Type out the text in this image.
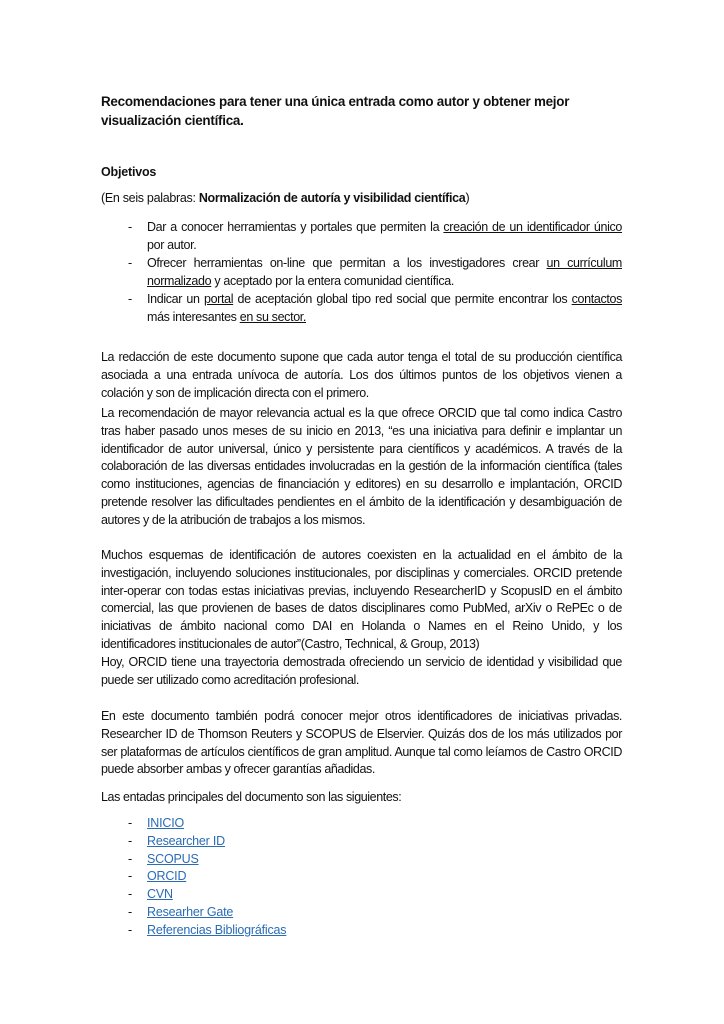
Recomendaciones para tener una única entrada como autor y obtener mejor visualización científica.
Objetivos
(En seis palabras: Normalización de autoría y visibilidad científica)
- Dar a conocer herramientas y portales que permiten la creación de un identificador único por autor.
- Ofrecer herramientas on-line que permitan a los investigadores crear un currículum normalizado y aceptado por la entera comunidad científica.
- Indicar un portal de aceptación global tipo red social que permite encontrar los contactos más interesantes en su sector.

La redacción de este documento supone que cada autor tenga el total de su producción científica asociada a una entrada unívoca de autoría. Los dos últimos puntos de los objetivos vienen a colación y son de implicación directa con el primero.

La recomendación de mayor relevancia actual es la que ofrece ORCID que tal como indica Castro tras haber pasado unos meses de su inicio en 2013, “es una iniciativa para definir e implantar un identificador de autor universal, único y persistente para científicos y académicos. A través de la colaboración de las diversas entidades involucradas en la gestión de la información científica (tales como instituciones, agencias de financiación y editores) en su desarrollo e implantación, ORCID pretende resolver las dificultades pendientes en el ámbito de la identificación y desambiguación de autores y de la atribución de trabajos a los mismos.

Muchos esquemas de identificación de autores coexisten en la actualidad en el ámbito de la investigación, incluyendo soluciones institucionales, por disciplinas y comerciales. ORCID pretende inter-operar con todas estas iniciativas previas, incluyendo ResearcherID y ScopusID en el ámbito comercial, las que provienen de bases de datos disciplinares como PubMed, arXiv o RePEc o de iniciativas de ámbito nacional como DAI en Holanda o Names en el Reino Unido, y los identificadores institucionales de autor”(Castro, Technical, & Group, 2013)

Hoy, ORCID tiene una trayectoria demostrada ofreciendo un servicio de identidad y visibilidad que puede ser utilizado como acreditación profesional.

En este documento también podrá conocer mejor otros identificadores de iniciativas privadas. Researcher ID de Thomson Reuters y SCOPUS de Elservier. Quizás dos de los más utilizados por ser plataformas de artículos científicos de gran amplitud. Aunque tal como leíamos de Castro ORCID puede absorber ambas y ofrecer garantías añadidas.

Las entadas principales del documento son las siguientes:

- INICIO
- Researcher ID
- SCOPUS
- ORCID
- CVN
- Researher Gate
- Referencias Bibliográficas
